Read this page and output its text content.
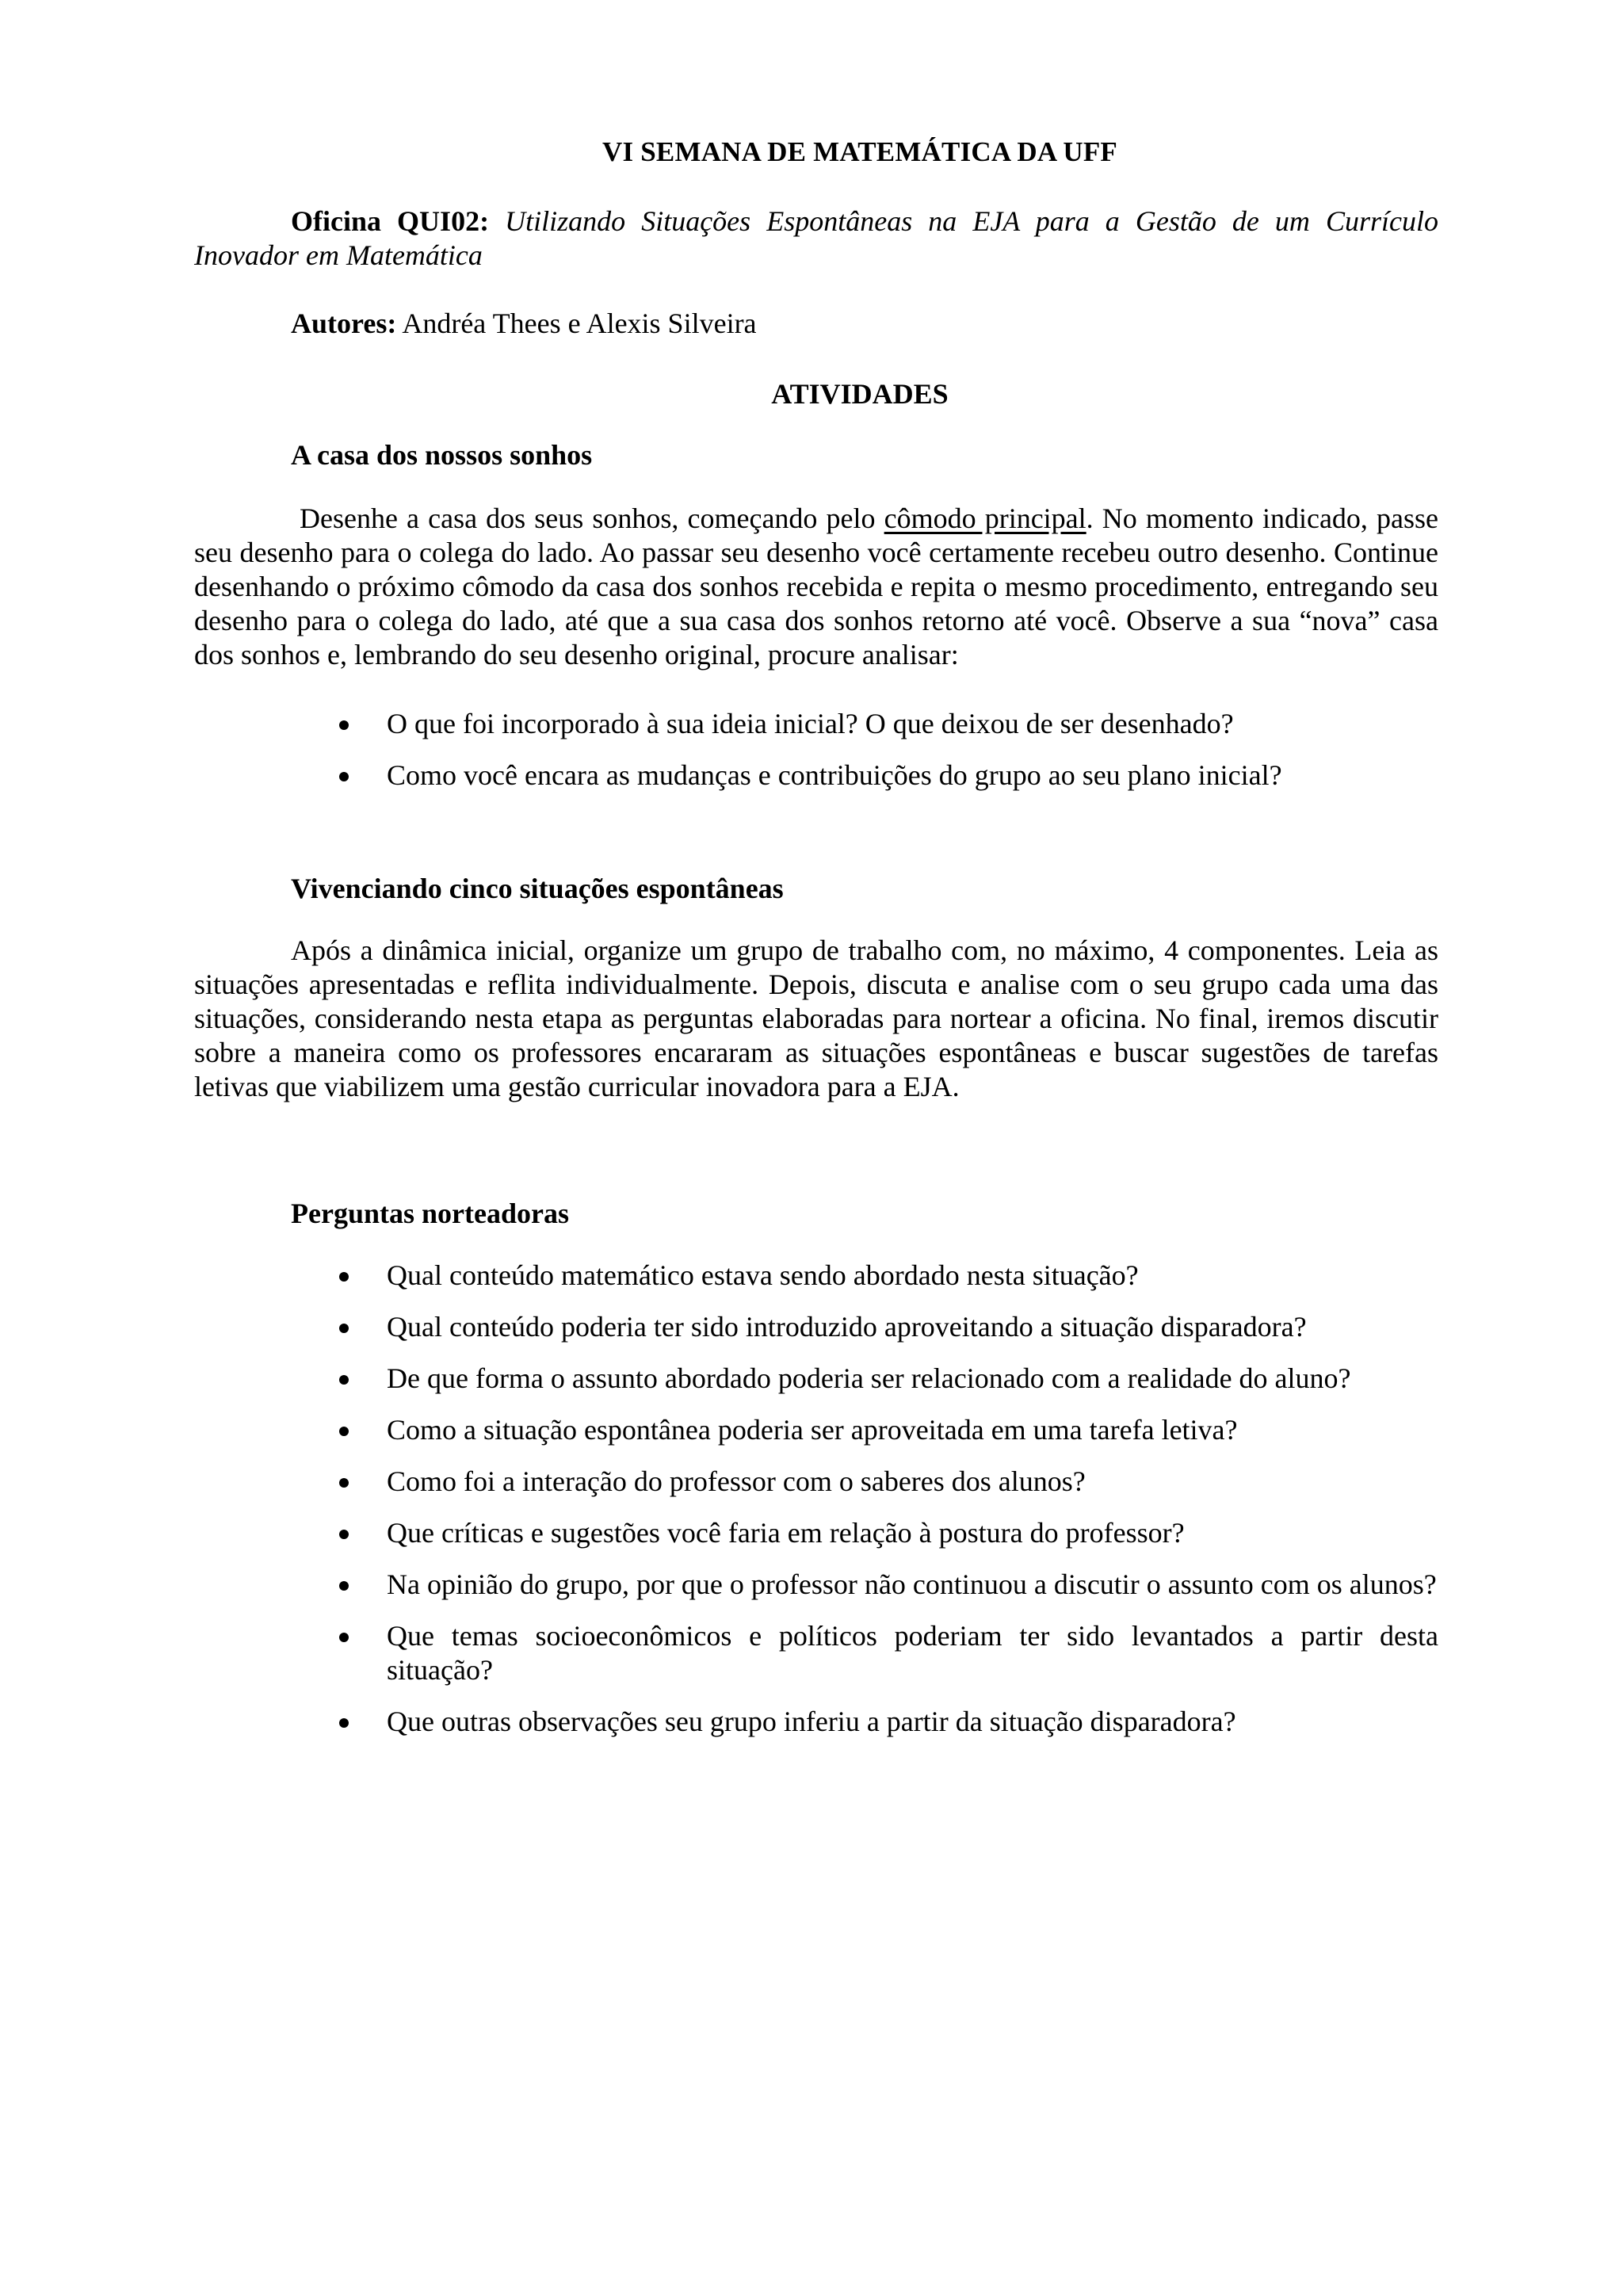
VI SEMANA DE MATEMÁTICA DA UFF
Oficina QUI02: Utilizando Situações Espontâneas na EJA para a Gestão de um Currículo Inovador em Matemática
Autores: Andréa Thees e Alexis Silveira
ATIVIDADES
A casa dos nossos sonhos
Desenhe a casa dos seus sonhos, começando pelo cômodo principal. No momento indicado, passe seu desenho para o colega do lado. Ao passar seu desenho você certamente recebeu outro desenho. Continue desenhando o próximo cômodo da casa dos sonhos recebida e repita o mesmo procedimento, entregando seu desenho para o colega do lado, até que a sua casa dos sonhos retorno até você. Observe a sua “nova” casa dos sonhos e, lembrando do seu desenho original, procure analisar:
O que foi incorporado à sua ideia inicial? O que deixou de ser desenhado?
Como você encara as mudanças e contribuições do grupo ao seu plano inicial?
Vivenciando cinco situações espontâneas
Após a dinâmica inicial, organize um grupo de trabalho com, no máximo, 4 componentes. Leia as situações apresentadas e reflita individualmente. Depois, discuta e analise com o seu grupo cada uma das situações, considerando nesta etapa as perguntas elaboradas para nortear a oficina. No final, iremos discutir sobre a maneira como os professores encararam as situações espontâneas e buscar sugestões de tarefas letivas que viabilizem uma gestão curricular inovadora para a EJA.
Perguntas norteadoras
Qual conteúdo matemático estava sendo abordado nesta situação?
Qual conteúdo poderia ter sido introduzido aproveitando a situação disparadora?
De que forma o assunto abordado poderia ser relacionado com a realidade do aluno?
Como a situação espontânea poderia ser aproveitada em uma tarefa letiva?
Como foi a interação do professor com o saberes dos alunos?
Que críticas e sugestões você faria em relação à postura do professor?
Na opinião do grupo, por que o professor não continuou a discutir o assunto com os alunos?
Que temas socioeconômicos e políticos poderiam ter sido levantados a partir desta situação?
Que outras observações seu grupo inferiu a partir da situação disparadora?
